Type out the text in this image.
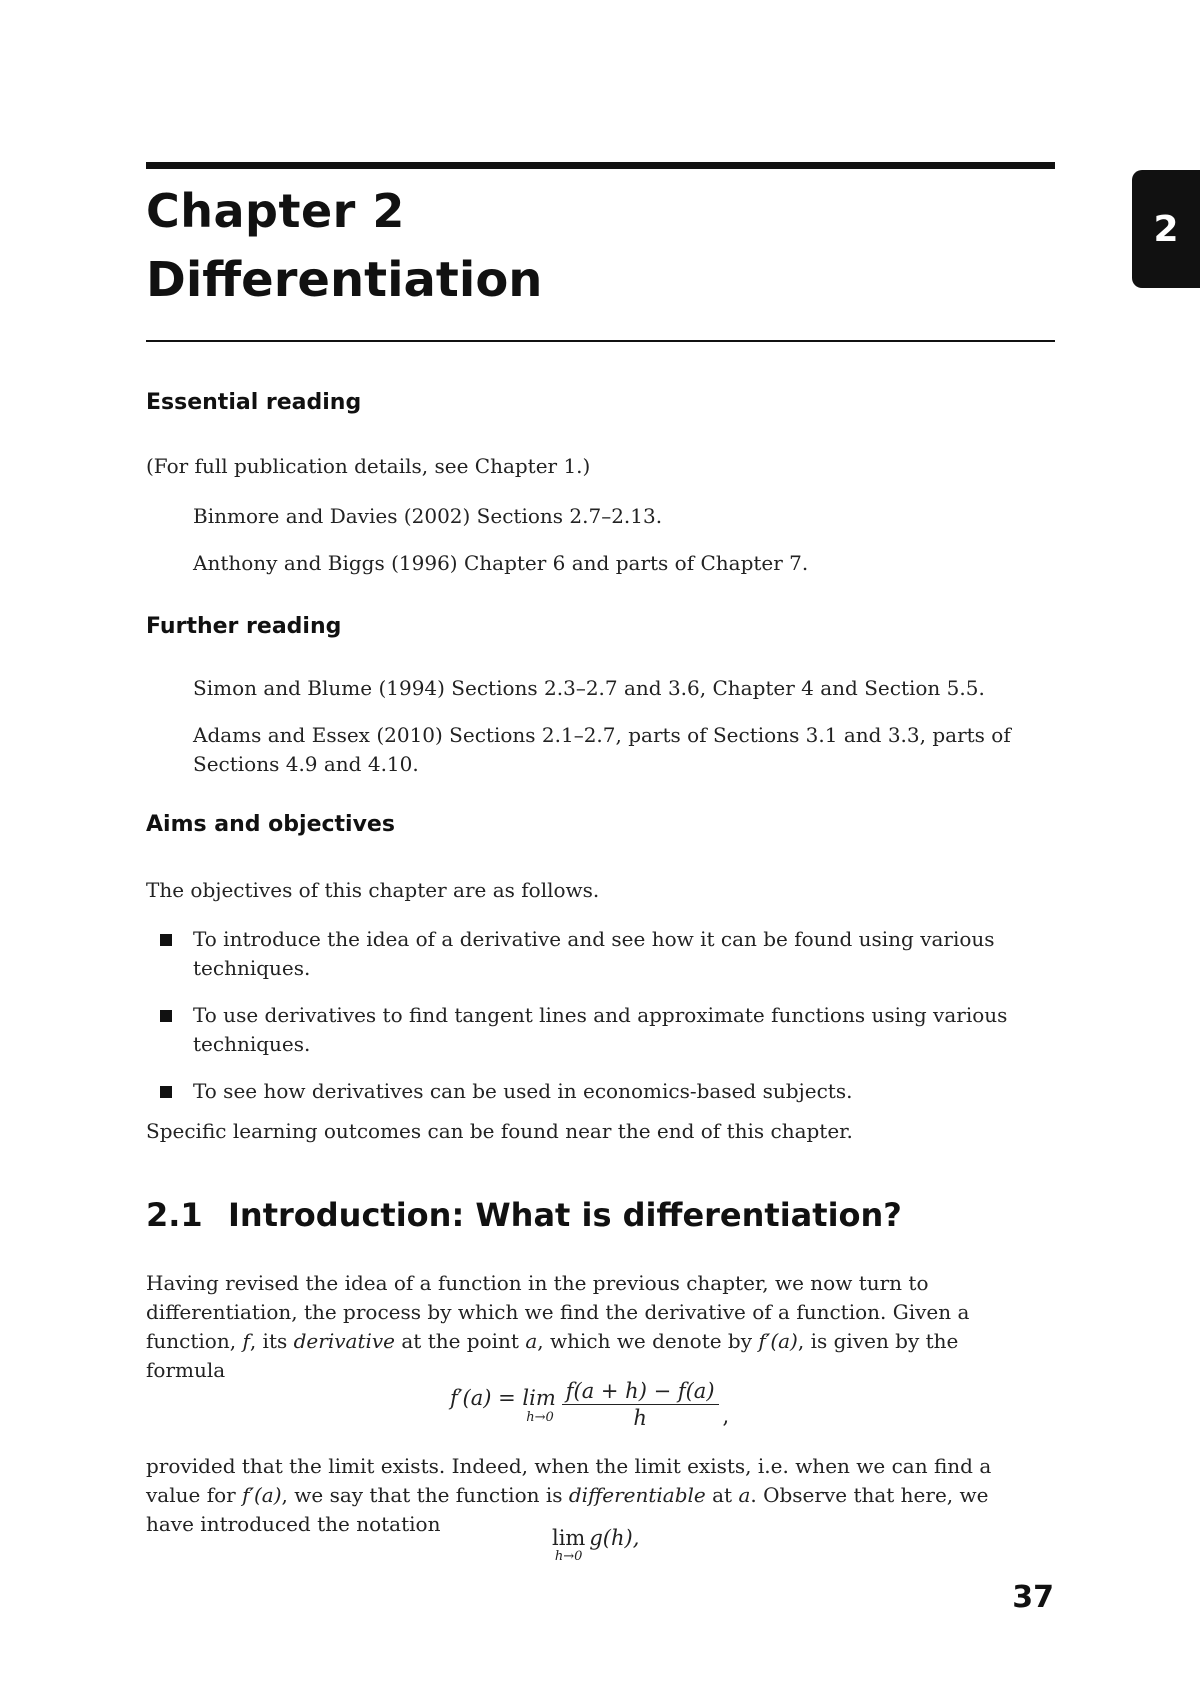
2
Chapter 2
Differentiation
Essential reading
(For full publication details, see Chapter 1.)
Binmore and Davies (2002) Sections 2.7–2.13.
Anthony and Biggs (1996) Chapter 6 and parts of Chapter 7.
Further reading
Simon and Blume (1994) Sections 2.3–2.7 and 3.6, Chapter 4 and Section 5.5.
Adams and Essex (2010) Sections 2.1–2.7, parts of Sections 3.1 and 3.3, parts of Sections 4.9 and 4.10.
Aims and objectives
The objectives of this chapter are as follows.
To introduce the idea of a derivative and see how it can be found using various techniques.
To use derivatives to find tangent lines and approximate functions using various techniques.
To see how derivatives can be used in economics-based subjects.
Specific learning outcomes can be found near the end of this chapter.
2.1 Introduction: What is differentiation?
Having revised the idea of a function in the previous chapter, we now turn to differentiation, the process by which we find the derivative of a function. Given a function, f, its derivative at the point a, which we denote by f′(a), is given by the formula
f′(a) = lim
h→0
f(a + h) − f(a)
h	,
provided that the limit exists. Indeed, when the limit exists, i.e. when we can find a value for f′(a), we say that the function is differentiable at a. Observe that here, we have introduced the notation
lim
h→0
g(h),
37
